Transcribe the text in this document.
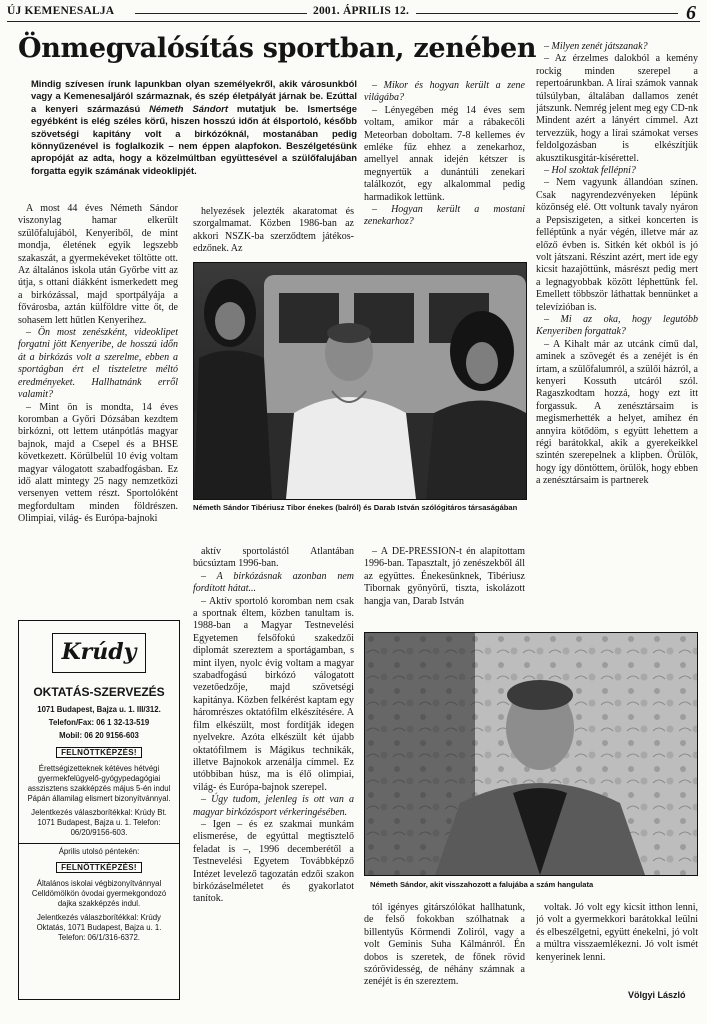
ÚJ KEMENESALJA	2001. ÁPRILIS 12.	6
Önmegvalósítás sportban, zenében
Mindig szívesen írunk lapunkban olyan személyekről, akik városunkból vagy a Kemenesaljáról származnak, és szép életpályát járnak be. Ezúttal a kenyeri származású Németh Sándort mutatjuk be. Ismertsége egyébként is elég széles körű, hiszen hosszú időn át élsportoló, később szövetségi kapitány volt a birkózóknál, mostanában pedig könnyűzenével is foglalkozik – nem éppen alapfokon. Beszélgetésünk apropóját az adta, hogy a közelmúltban együttesével a szülőfalujában forgatta egyik számának videoklipjét.

A most 44 éves Németh Sándor viszonylag hamar elkerült szülőfalujából, Kenyeriből, de mint mondja, életének egyik legszebb szakaszát, a gyermekéveket töltötte ott. Az általános iskola után Győrbe vitt az útja, s ottani diákként ismerkedett meg a birkózással, majd sportpályája a fővárosba, aztán külföldre vitte őt, de sohasem lett hűtlen Kenyerihez.

– Ön most zenészként, videoklipet forgatni jött Kenyeribe, de hosszú időn át a birkózás volt a szerelme, ebben a sportágban ért el tiszteletre méltó eredményeket. Hallhatnánk erről valamit?

– Mint ön is mondta, 14 éves koromban a Győri Dózsában kezdtem birkózni, ott lettem utánpótlás magyar bajnok, majd a Csepel és a BHSE következett. Körülbelül 10 évig voltam magyar válogatott szabadfogásban. Ez idő alatt mintegy 25 nagy nemzetközi versenyen vettem részt. Sportolóként megfordultam minden földrészen. Olimpiai, világ- és Európa-bajnoki

helyezések jelezték akaratomat és szorgalmamat. Közben 1986-ban az akkori NSZK-ba szerződtem játékos-edzőnek. Az

– Mikor és hogyan került a zene világába?

– Lényegében még 14 éves sem voltam, amikor már a rábakecöli Meteorban doboltam. 7-8 kellemes év emléke fűz ehhez a zenekarhoz, amellyel annak idején kétszer is megnyertük a dunántúli zenekari találkozót, egy alkalommal pedig harmadikok lettünk.

– Hogyan került a mostani zenekarhoz?

– Milyen zenét játszanak?

– Az érzelmes dalokból a kemény rockig minden szerepel a repertoárunkban. A lírai számok vannak túlsúlyban, általában dallamos zenét játszunk. Nemrég jelent meg egy CD-nk Mindent azért a lányért címmel. Azt tervezzük, hogy a lírai számokat verses feldolgozásban is elkészítjük akusztikusgitár-kísérettel.

– Hol szoktak fellépni?

– Nem vagyunk állandóan színen. Csak nagyrendezvényeken lépünk közönség elé. Ott voltunk tavaly nyáron a Pepsiszigeten, a sitkei koncerten is felléptünk a nyár végén, illetve már az előző évben is. Sitkén két okból is jó volt játszani. Részint azért, mert ide egy kicsit hazajöttünk, másrészt pedig mert a legnagyobbak között léphettünk fel. Emellett többször láthattak bennünket a televízióban is.

– Mi az oka, hogy legutóbb Kenyeriben forgattak?

– A Kihalt már az utcánk című dal, aminek a szövegét és a zenéjét is én írtam, a szülőfalumról, a szülői házról, a kenyeri Kossuth utcáról szól. Ragaszkodtam hozzá, hogy ezt itt forgassuk. A zenésztársaim is megismerhették a helyet, amihez én annyira kötődöm, s együtt lehettem a régi barátokkal, akik a gyerekeikkel szintén szerepelnek a klipben. Örülök, hogy így döntöttem, örülök, hogy ebben a zenésztársaim is partnerek

Németh Sándor Tibériusz Tibor énekes (balról) és Darab István szólógitáros társaságában
Krúdy
OKTATÁS-SZERVEZÉS
1071 Budapest, Bajza u. 1. III/312.
Telefon/Fax: 06 1 32-13-519
Mobil: 06 20 9156-603
FELNŐTTKÉPZÉS!
Érettségizetteknek kétéves hétvégi gyermekfelügyelő-gyógypedagógiai asszisztens szakképzés május 5-én indul Pápán államilag elismert bizonyítvánnyal.
Jelentkezés válaszborítékkal: Krúdy Bt. 1071 Budapest, Bajza u. 1. Telefon: 06/20/9156-603.
Április utolsó péntekén:
FELNŐTTKÉPZÉS!
Általános iskolai végbizonyítvánnyal Celldömölkön óvodai gyermekgondozó dajka szakképzés indul.
Jelentkezés válaszborítékkal: Krúdy Oktatás, 1071 Budapest, Bajza u. 1. Telefon: 06/1/316-6372.

aktív sportolástól Atlantában búcsúztam 1996-ban.

– A birkózásnak azonban nem fordított hátat...

– Aktív sportoló koromban nem csak a sportnak éltem, közben tanultam is. 1988-ban a Magyar Testnevelési Egyetemen felsőfokú szakedzői diplomát szereztem a sportágamban, s mint ilyen, nyolc évig voltam a magyar szabadfogású birkózó válogatott vezetőedzője, majd szövetségi kapitánya. Közben felkérést kaptam egy háromrészes oktatófilm elkészítésére. A film elkészült, most fordítják idegen nyelvekre. Azóta elkészült két újabb oktatófilmem is Mágikus technikák, illetve Bajnokok arzenálja címmel. Ez utóbbiban húsz, ma is élő olimpiai, világ- és Európa-bajnok szerepel.

– Úgy tudom, jelenleg is ott van a magyar birkózósport vérkeringésében.

– Igen – és ez szakmai munkám elismerése, de egyúttal megtisztelő feladat is –, 1996 decemberétől a Testnevelési Egyetem Továbbképző Intézet levelező tagozatán edzői szakon birkózáselméletet és gyakorlatot tanítok.

– A DE-PRESSION-t én alapítottam 1996-ban. Tapasztalt, jó zenészekből áll az együttes. Énekesünknek, Tibériusz Tibornak gyönyörű, tiszta, iskolázott hangja van, Darab István

Németh Sándor, akit visszahozott a falujába a szám hangulata

tól igényes gitárszólókat hallhatunk, de felső fokokban szólhatnak a billentyűs Körmendi Zoliról, vagy a volt Geminis Suha Kálmánról. Én dobos is szeretek, de főnek rövid szórövidesség, de néhány számnak a zenéjét is én szereztem.

voltak. Jó volt egy kicsit itthon lenni, jó volt a gyermekkori barátokkal leülni és elbeszélgetni, együtt énekelni, jó volt a múltra visszaemlékezni. Jó volt ismét kenyerinek lenni.

Völgyi László
